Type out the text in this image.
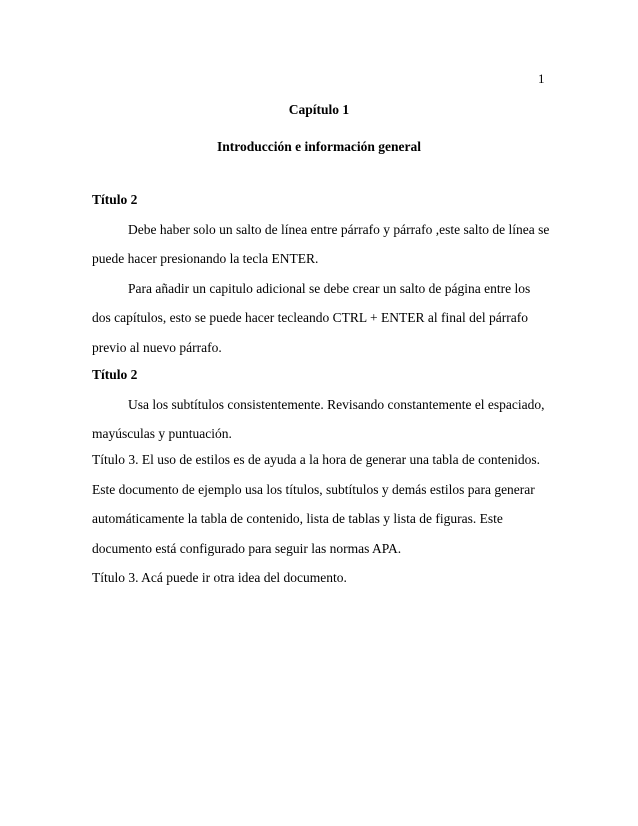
1
Capítulo 1
Introducción e información general

Título 2

Debe haber solo un salto de línea entre párrafo y párrafo ,este salto de línea se puede hacer presionando la tecla ENTER.

Para añadir un capitulo adicional se debe crear un salto de página entre los dos capítulos, esto se puede hacer tecleando CTRL + ENTER al final del párrafo previo al nuevo párrafo.

Título 2

Usa los subtítulos consistentemente. Revisando constantemente el espaciado, mayúsculas y puntuación.

Título 3. El uso de estilos es de ayuda a la hora de generar una tabla de contenidos. Este documento de ejemplo usa los títulos, subtítulos y demás estilos para generar automáticamente la tabla de contenido, lista de tablas y lista de figuras. Este documento está configurado para seguir las normas APA.

Título 3. Acá puede ir otra idea del documento.
